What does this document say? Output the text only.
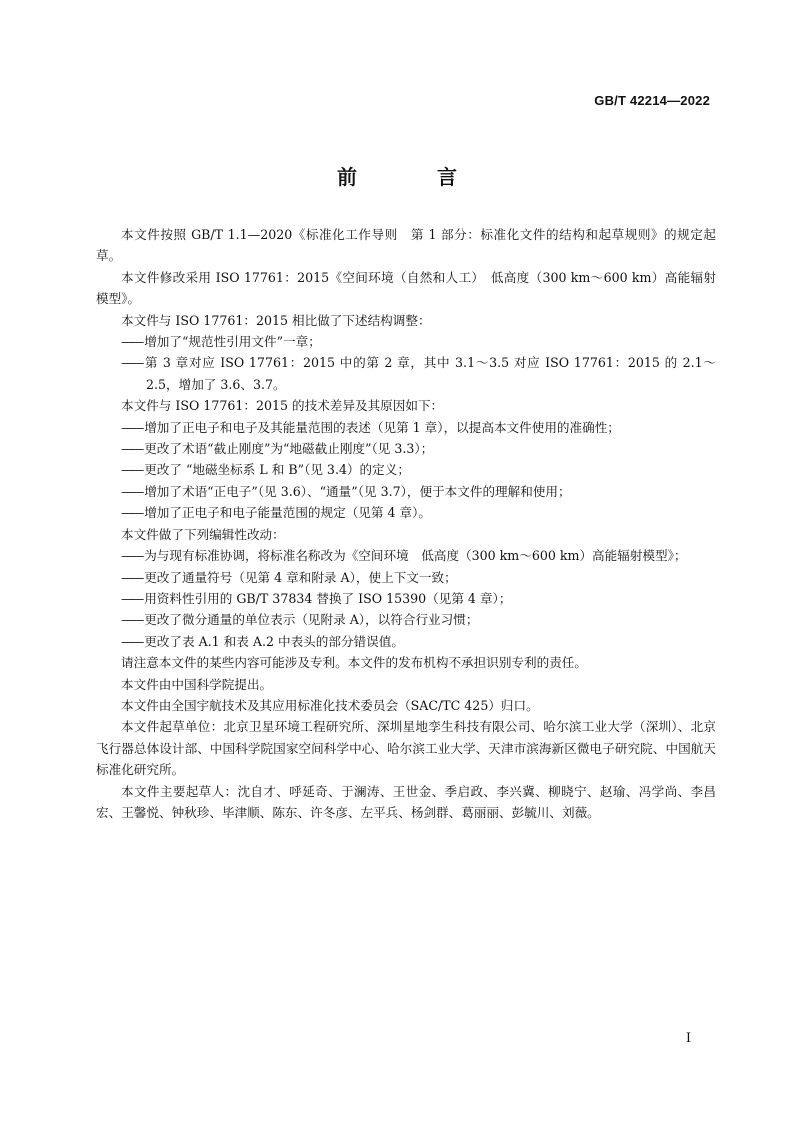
GB/T 42214—2022
前　言

本文件按照 GB/T 1.1—2020《标准化工作导则　第 1 部分：标准化文件的结构和起草规则》的规定起草。

本文件修改采用 ISO 17761：2015《空间环境（自然和人工）　低高度（300 km～600 km）高能辐射模型》。

本文件与 ISO 17761：2015 相比做了下述结构调整：

—— 增加了“规范性引用文件”一章；

—— 第 3 章对应 ISO 17761：2015 中的第 2 章，其中 3.1～3.5 对应 ISO 17761：2015 的 2.1～2.5，增加了 3.6、3.7。

本文件与 ISO 17761：2015 的技术差异及其原因如下：

—— 增加了正电子和电子及其能量范围的表述（见第 1 章），以提高本文件使用的准确性；

—— 更改了术语“截止刚度”为“地磁截止刚度”（见 3.3）；

—— 更改了 “地磁坐标系 L 和 B”（见 3.4）的定义；

—— 增加了术语“正电子”（见 3.6）、“通量”（见 3.7），便于本文件的理解和使用；

—— 增加了正电子和电子能量范围的规定（见第 4 章）。

本文件做了下列编辑性改动：

—— 为与现有标准协调，将标准名称改为《空间环境　低高度（300 km～600 km）高能辐射模型》；

—— 更改了通量符号（见第 4 章和附录 A），使上下文一致；

—— 用资料性引用的 GB/T 37834 替换了 ISO 15390（见第 4 章）；

—— 更改了微分通量的单位表示（见附录 A），以符合行业习惯；

—— 更改了表 A.1 和表 A.2 中表头的部分错误值。

请注意本文件的某些内容可能涉及专利。本文件的发布机构不承担识别专利的责任。

本文件由中国科学院提出。

本文件由全国宇航技术及其应用标准化技术委员会（SAC/TC 425）归口。

本文件起草单位：北京卫星环境工程研究所、深圳星地孪生科技有限公司、哈尔滨工业大学（深圳）、北京飞行器总体设计部、中国科学院国家空间科学中心、哈尔滨工业大学、天津市滨海新区微电子研究院、中国航天标准化研究所。

本文件主要起草人：沈自才、呼延奇、于澜涛、王世金、季启政、李兴冀、柳晓宁、赵瑜、冯学尚、李昌宏、王馨悦、钟秋珍、毕津顺、陈东、许冬彦、左平兵、杨剑群、葛丽丽、彭毓川、刘薇。

I
